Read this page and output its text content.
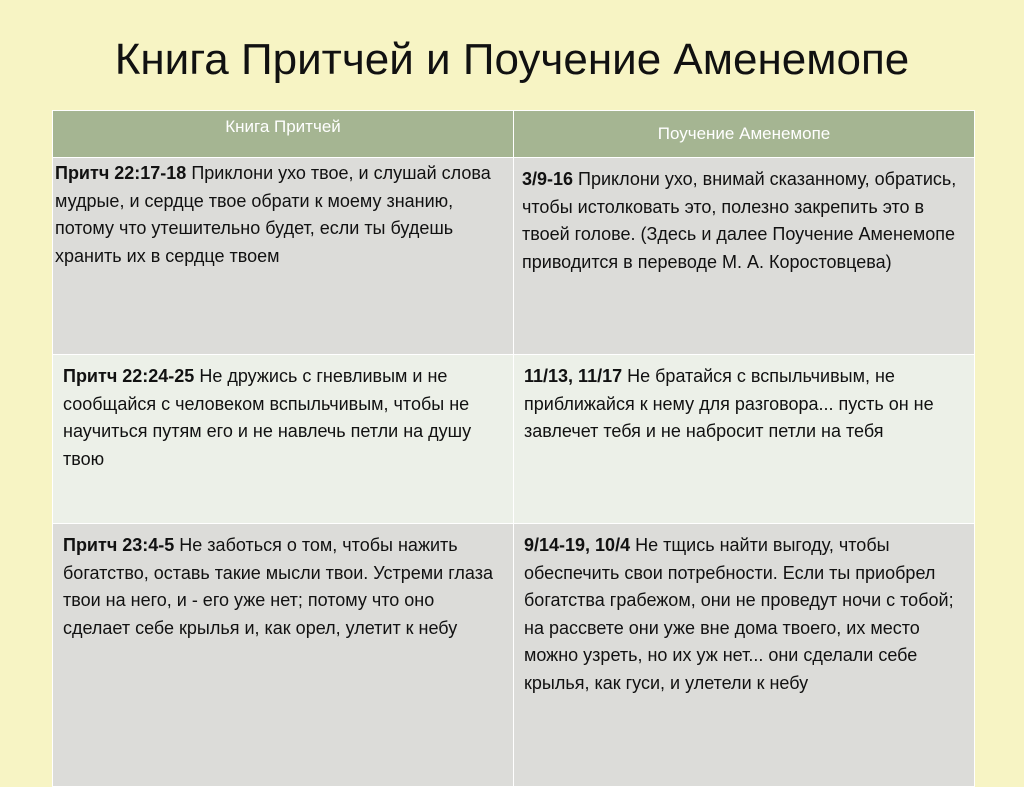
Книга Притчей и Поучение Аменемопе
Книга Притчей	Поучение Аменемопе
Притч 22:17-18 Приклони ухо твое, и слушай слова мудрые, и сердце твое обрати к моему знанию, потому что утешительно будет, если ты будешь хранить их в сердце твоем	3/9-16 Приклони ухо, внимай сказанному, обратись, чтобы истолковать это, полезно закрепить это в твоей голове. (Здесь и далее Поучение Аменемопе приводится в переводе М. А. Коростовцева)
Притч 22:24-25 Не дружись с гневливым и не сообщайся с человеком вспыльчивым, чтобы не научиться путям его и не навлечь петли на душу твою	11/13, 11/17 Не братайся с вспыльчивым, не приближайся к нему для разговора... пусть он не завлечет тебя и не набросит петли на тебя
Притч 23:4-5 Не заботься о том, чтобы нажить богатство, оставь такие мысли твои. Устреми глаза твои на него, и - его уже нет; потому что оно сделает себе крылья и, как орел, улетит к небу	9/14-19, 10/4 Не тщись найти выгоду, чтобы обеспечить свои потребности. Если ты приобрел богатства грабежом, они не проведут ночи с тобой; на рассвете они уже вне дома твоего, их место можно узреть, но их уж нет... они сделали себе крылья, как гуси, и улетели к небу
